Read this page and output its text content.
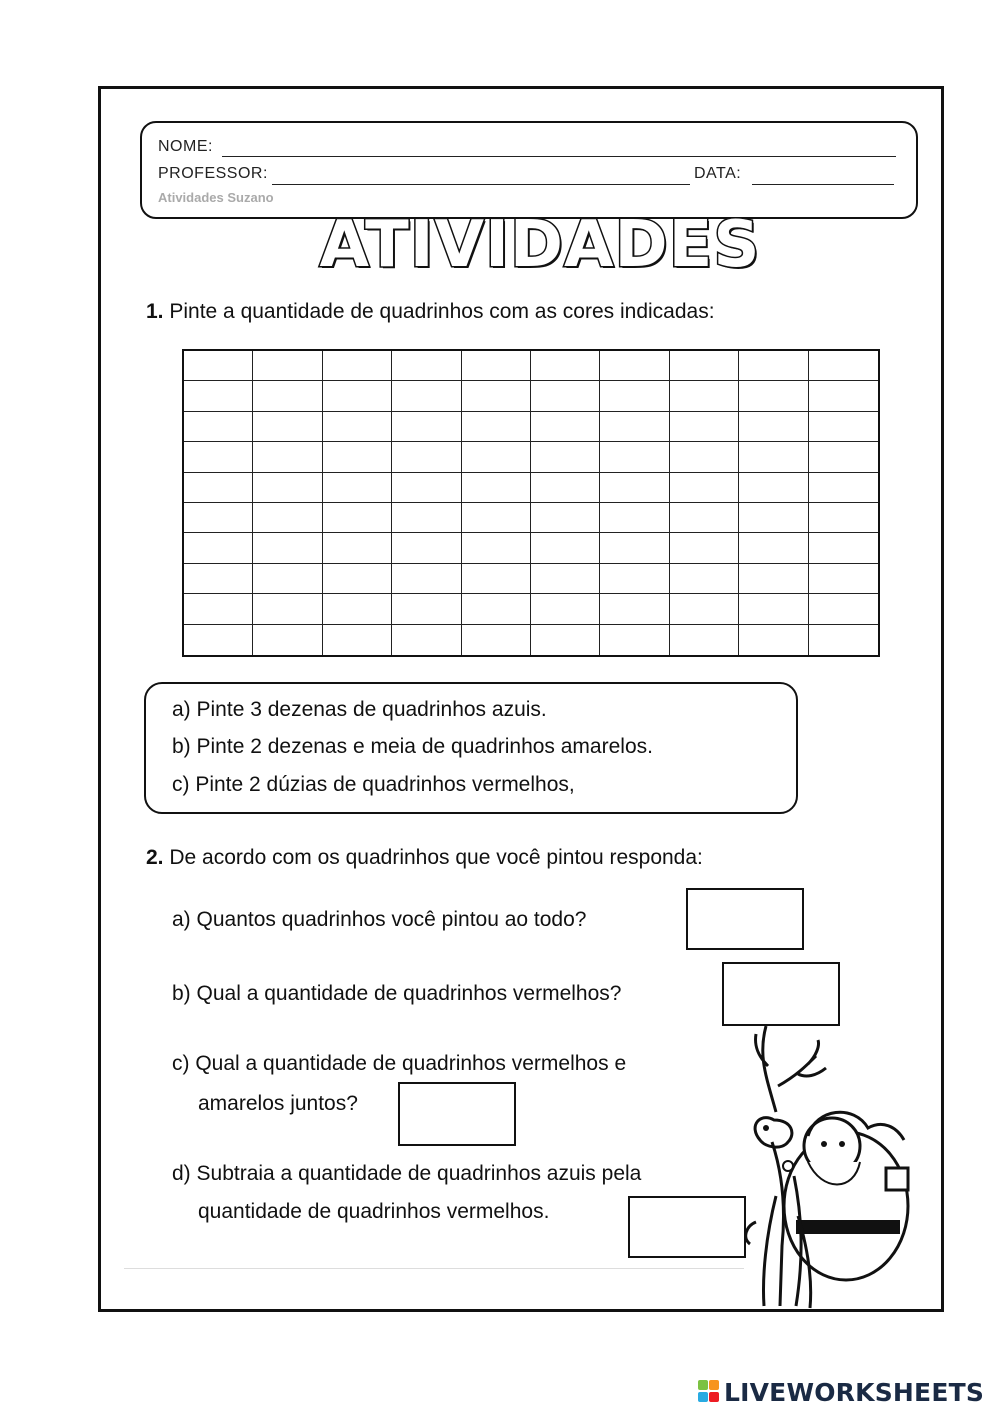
NOME:
PROFESSOR:	DATA:
Atividades Suzano
ATIVIDADES
1. Pinte a quantidade de quadrinhos com as cores indicadas:
a) Pinte 3 dezenas de quadrinhos azuis.
b) Pinte 2 dezenas e meia de quadrinhos amarelos.
c) Pinte 2 dúzias de quadrinhos vermelhos,
2. De acordo com os quadrinhos que você pintou responda:
a) Quantos quadrinhos você pintou ao todo?
b) Qual a quantidade de quadrinhos vermelhos?
c) Qual a quantidade de quadrinhos vermelhos e
amarelos juntos?
d) Subtraia a quantidade de quadrinhos azuis pela
quantidade de quadrinhos vermelhos.
LIVEWORKSHEETS
